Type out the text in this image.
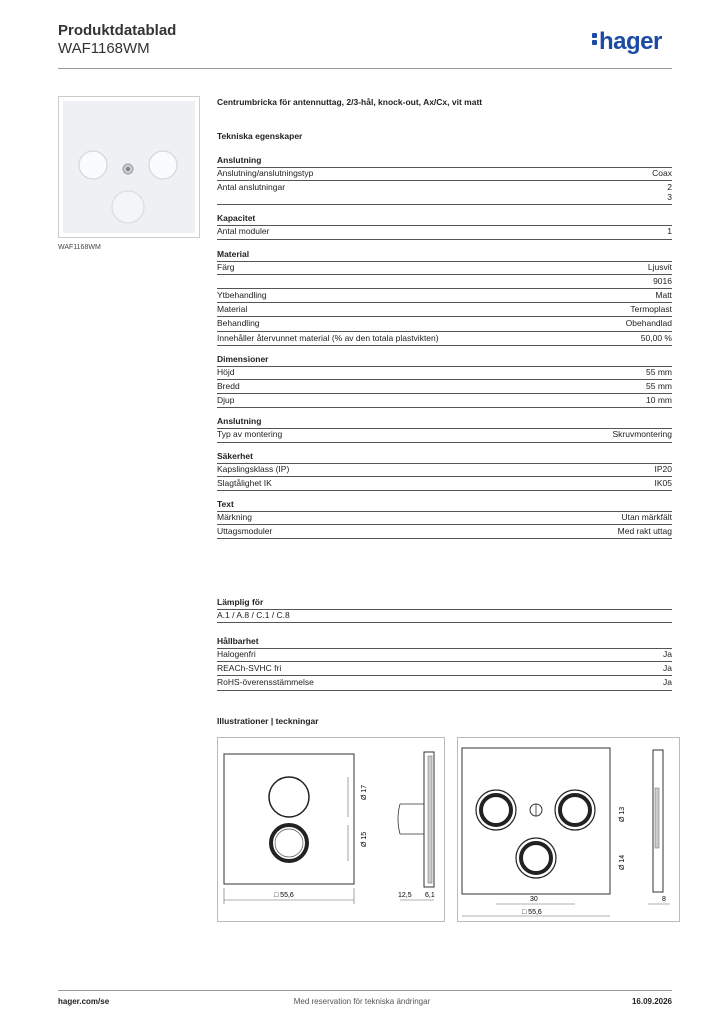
Produktdatablad
WAF1168WM	hager
WAF1168WM
Centrumbricka för antennuttag, 2/3-hål, knock-out, Ax/Cx, vit matt
Tekniska egenskaper
Anslutning
Anslutning/anslutningstyp	Coax
Antal anslutningar	2
3
Kapacitet
Antal moduler	1
Material
Färg	Ljusvit
9016
Ytbehandling	Matt
Material	Termoplast
Behandling	Obehandlad
Innehåller återvunnet material (% av den totala plastvikten)	50,00 %
Dimensioner
Höjd	55 mm
Bredd	55 mm
Djup	10 mm
Anslutning
Typ av montering	Skruvmontering
Säkerhet
Kapslingsklass (IP)	IP20
Slagtålighet IK	IK05
Text
Märkning	Utan märkfält
Uttagsmoduler	Med rakt uttag
Lämplig för
A.1 / A.8 / C.1 / C.8
Hållbarhet
Halogenfri	Ja
REACh-SVHC fri	Ja
RoHS-överensstämmelse	Ja
Illustrationer | teckningar
Ø 17
Ø 15
□ 55,6	12,5 6,1
Ø 13
Ø 14
30
□ 55,6
8
hager.com/se	Med reservation för tekniska ändringar	16.09.2026
